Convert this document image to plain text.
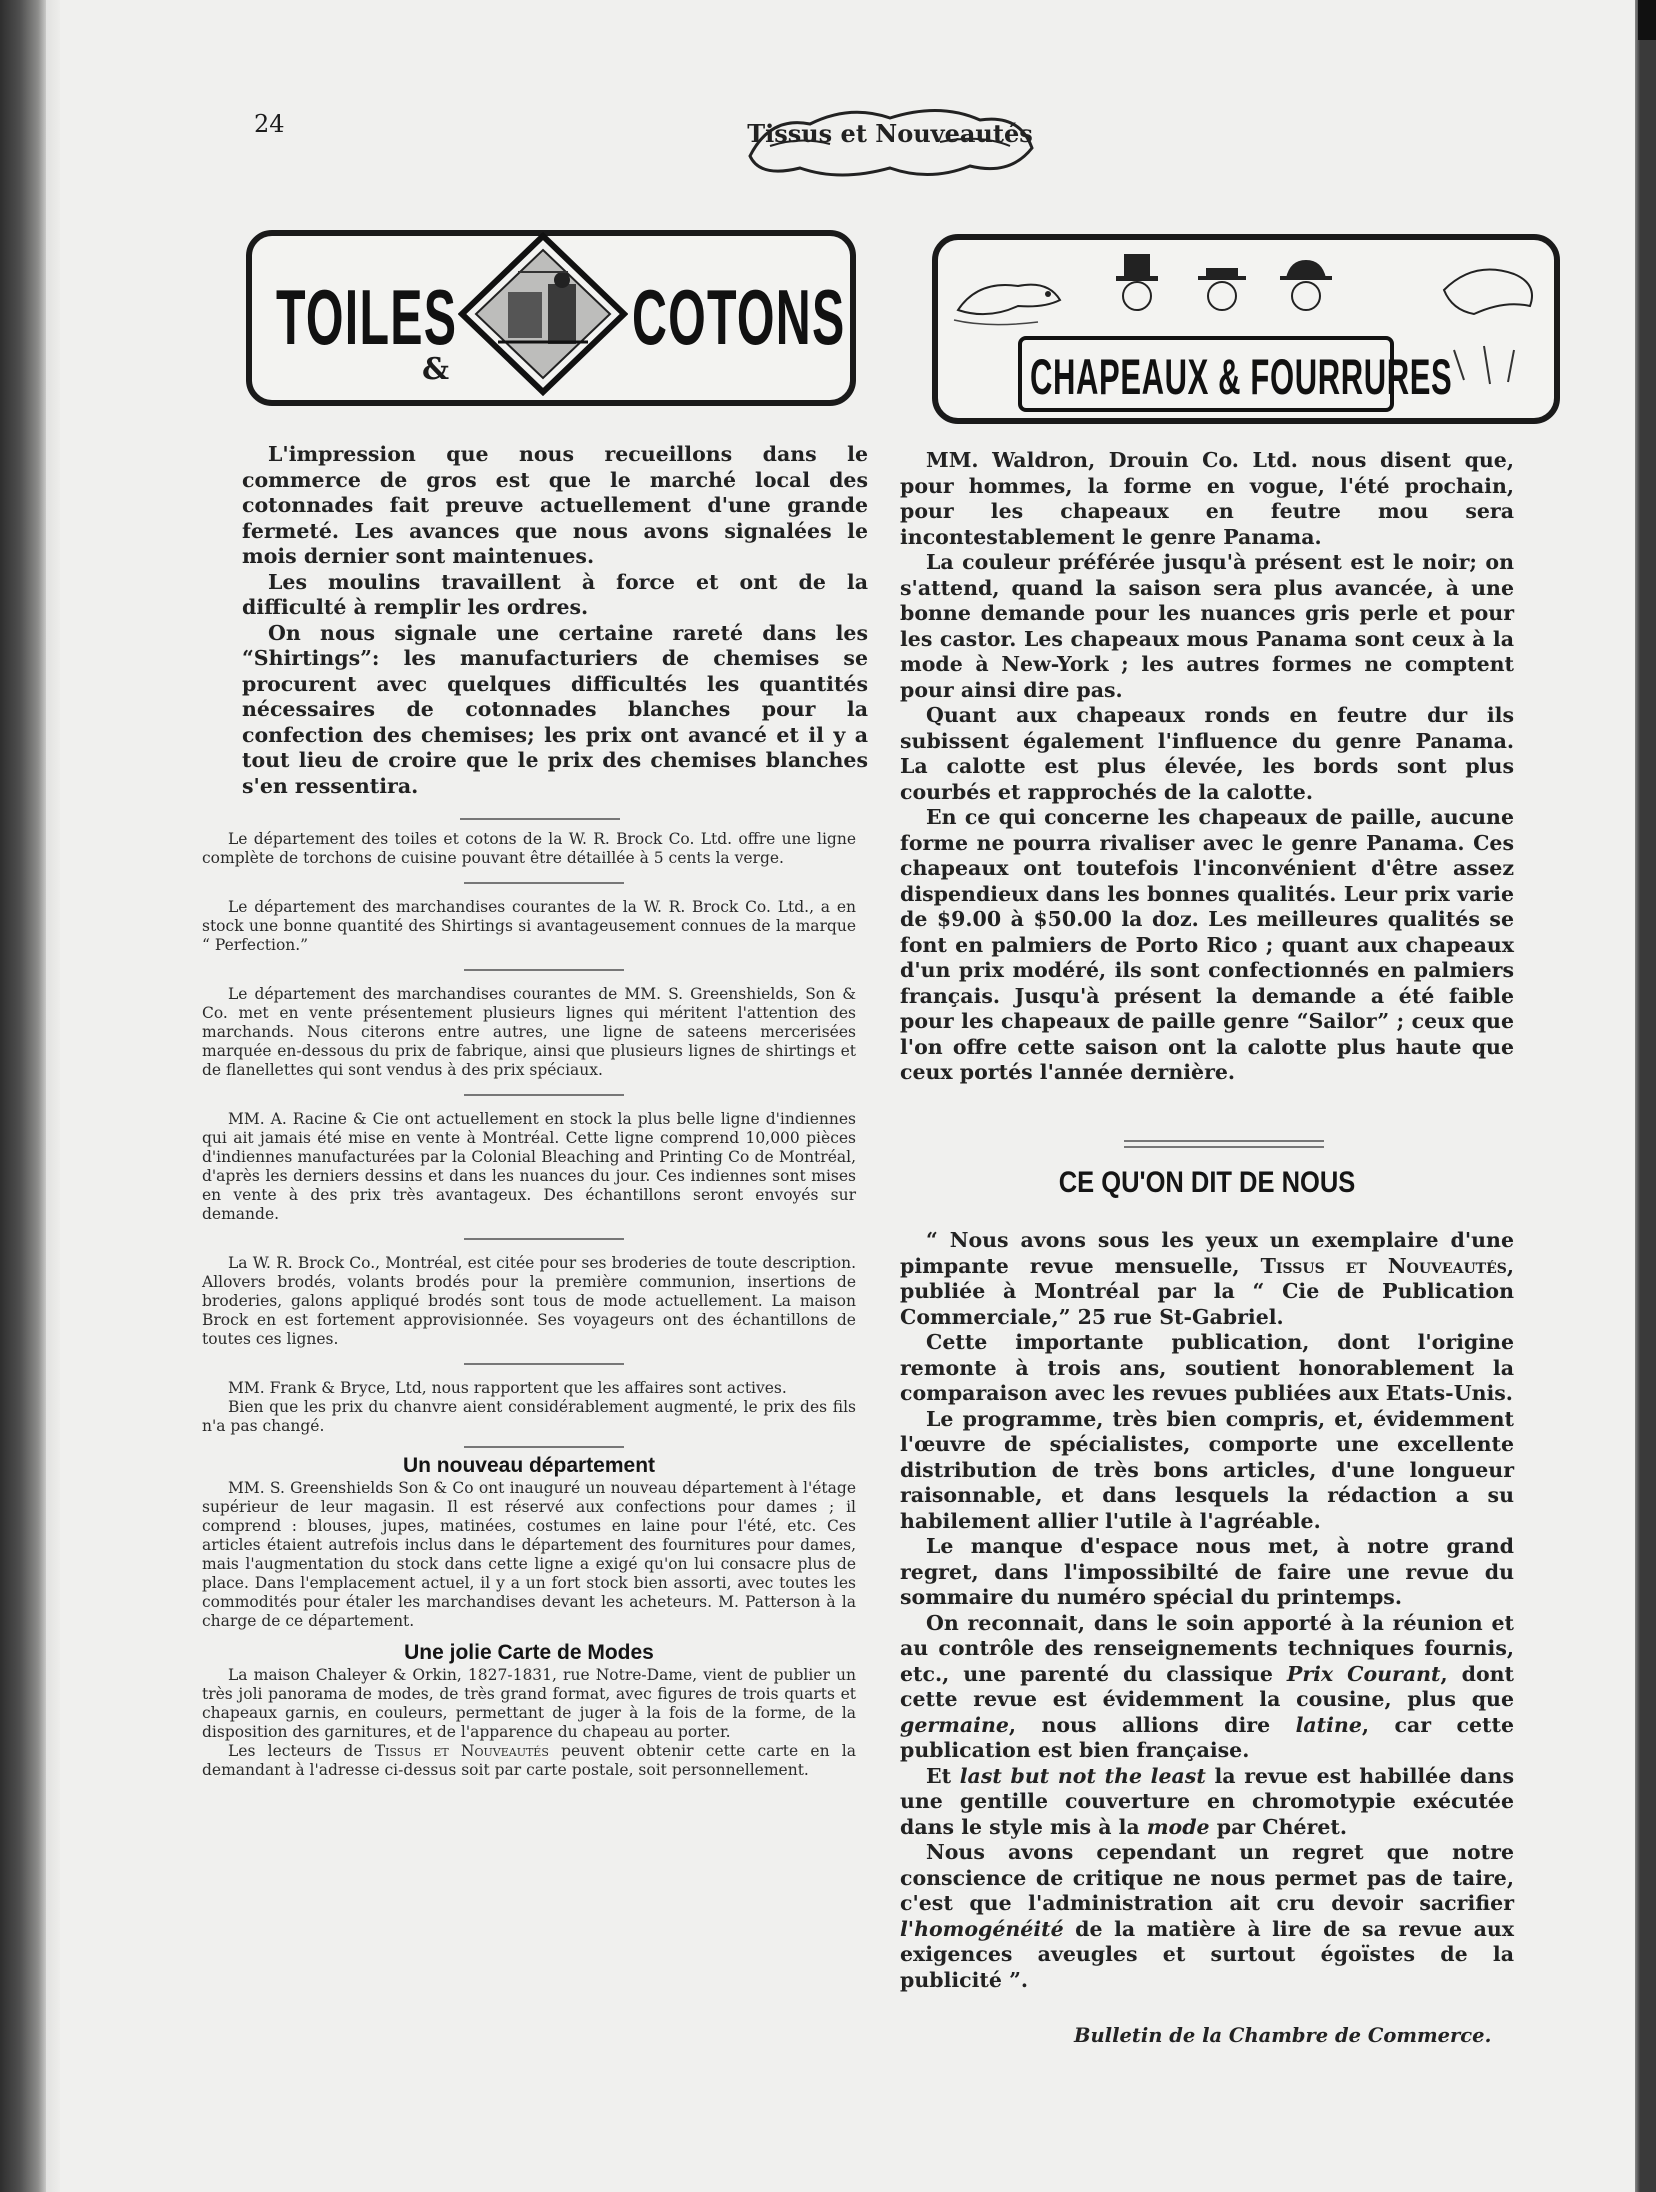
24	Tissus et Nouveautés
TOILES
&
COTONS
CHAPEAUX & FOURRURES

L'impression que nous recueillons dans le commerce de gros est que le marché local des cotonnades fait preuve actuellement d'une grande fermeté. Les avances que nous avons signalées le mois dernier sont maintenues.

Les moulins travaillent à force et ont de la difficulté à remplir les ordres.

On nous signale une certaine rareté dans les “Shirtings”: les manufacturiers de chemises se procurent avec quelques difficultés les quantités nécessaires de cotonnades blanches pour la confection des chemises; les prix ont avancé et il y a tout lieu de croire que le prix des chemises blanches s'en ressentira.

Le département des toiles et cotons de la W. R. Brock Co. Ltd. offre une ligne complète de torchons de cuisine pouvant être détaillée à 5 cents la verge.

Le département des marchandises courantes de la W. R. Brock Co. Ltd., a en stock une bonne quantité des Shirtings si avantageusement connues de la marque “ Perfection.”

Le département des marchandises courantes de MM. S. Greenshields, Son & Co. met en vente présentement plusieurs lignes qui méritent l'attention des marchands. Nous citerons entre autres, une ligne de sateens mercerisées marquée en-dessous du prix de fabrique, ainsi que plusieurs lignes de shirtings et de flanellettes qui sont vendus à des prix spéciaux.

MM. A. Racine & Cie ont actuellement en stock la plus belle ligne d'indiennes qui ait jamais été mise en vente à Montréal. Cette ligne comprend 10,000 pièces d'indiennes manufacturées par la Colonial Bleaching and Printing Co de Montréal, d'après les derniers dessins et dans les nuances du jour. Ces indiennes sont mises en vente à des prix très avantageux. Des échantillons seront envoyés sur demande.

La W. R. Brock Co., Montréal, est citée pour ses broderies de toute description. Allovers brodés, volants brodés pour la première communion, insertions de broderies, galons appliqué brodés sont tous de mode actuellement. La maison Brock en est fortement approvisionnée. Ses voyageurs ont des échantillons de toutes ces lignes.

MM. Frank & Bryce, Ltd, nous rapportent que les affaires sont actives.

Bien que les prix du chanvre aient considérablement augmenté, le prix des fils n'a pas changé.

Un nouveau département

MM. S. Greenshields Son & Co ont inauguré un nouveau département à l'étage supérieur de leur magasin. Il est réservé aux confections pour dames ; il comprend : blouses, jupes, matinées, costumes en laine pour l'été, etc. Ces articles étaient autrefois inclus dans le département des fournitures pour dames, mais l'augmentation du stock dans cette ligne a exigé qu'on lui consacre plus de place. Dans l'emplacement actuel, il y a un fort stock bien assorti, avec toutes les commodités pour étaler les marchandises devant les acheteurs. M. Patterson à la charge de ce département.

Une jolie Carte de Modes

La maison Chaleyer & Orkin, 1827-1831, rue Notre-Dame, vient de publier un très joli panorama de modes, de très grand format, avec figures de trois quarts et chapeaux garnis, en couleurs, permettant de juger à la fois de la forme, de la disposition des garnitures, et de l'apparence du chapeau au porter.

Les lecteurs de Tissus et Nouveautés peuvent obtenir cette carte en la demandant à l'adresse ci-dessus soit par carte postale, soit personnellement.

MM. Waldron, Drouin Co. Ltd. nous disent que, pour hommes, la forme en vogue, l'été prochain, pour les chapeaux en feutre mou sera incontestablement le genre Panama.

La couleur préférée jusqu'à présent est le noir; on s'attend, quand la saison sera plus avancée, à une bonne demande pour les nuances gris perle et pour les castor. Les chapeaux mous Panama sont ceux à la mode à New-York ; les autres formes ne comptent pour ainsi dire pas.

Quant aux chapeaux ronds en feutre dur ils subissent également l'influence du genre Panama. La calotte est plus élevée, les bords sont plus courbés et rapprochés de la calotte.

En ce qui concerne les chapeaux de paille, aucune forme ne pourra rivaliser avec le genre Panama. Ces chapeaux ont toutefois l'inconvénient d'être assez dispendieux dans les bonnes qualités. Leur prix varie de $9.00 à $50.00 la doz. Les meilleures qualités se font en palmiers de Porto Rico ; quant aux chapeaux d'un prix modéré, ils sont confectionnés en palmiers français. Jusqu'à présent la demande a été faible pour les chapeaux de paille genre “Sailor” ; ceux que l'on offre cette saison ont la calotte plus haute que ceux portés l'année dernière.

CE QU'ON DIT DE NOUS

“ Nous avons sous les yeux un exemplaire d'une pimpante revue mensuelle, Tissus et Nouveautés, publiée à Montréal par la “ Cie de Publication Commerciale,” 25 rue St-Gabriel.

Cette importante publication, dont l'origine remonte à trois ans, soutient honorablement la comparaison avec les revues publiées aux Etats-Unis.

Le programme, très bien compris, et, évidemment l'œuvre de spécialistes, comporte une excellente distribution de très bons articles, d'une longueur raisonnable, et dans lesquels la rédaction a su habilement allier l'utile à l'agréable.

Le manque d'espace nous met, à notre grand regret, dans l'impossibilté de faire une revue du sommaire du numéro spécial du printemps.

On reconnait, dans le soin apporté à la réunion et au contrôle des renseignements techniques fournis, etc., une parenté du classique Prix Courant, dont cette revue est évidemment la cousine, plus que germaine, nous allions dire latine, car cette publication est bien française.

Et last but not the least la revue est habillée dans une gentille couverture en chromotypie exécutée dans le style mis à la mode par Chéret.

Nous avons cependant un regret que notre conscience de critique ne nous permet pas de taire, c'est que l'administration ait cru devoir sacrifier l'homogénéité de la matière à lire de sa revue aux exigences aveugles et surtout égoïstes de la publicité ”.

Bulletin de la Chambre de Commerce.
